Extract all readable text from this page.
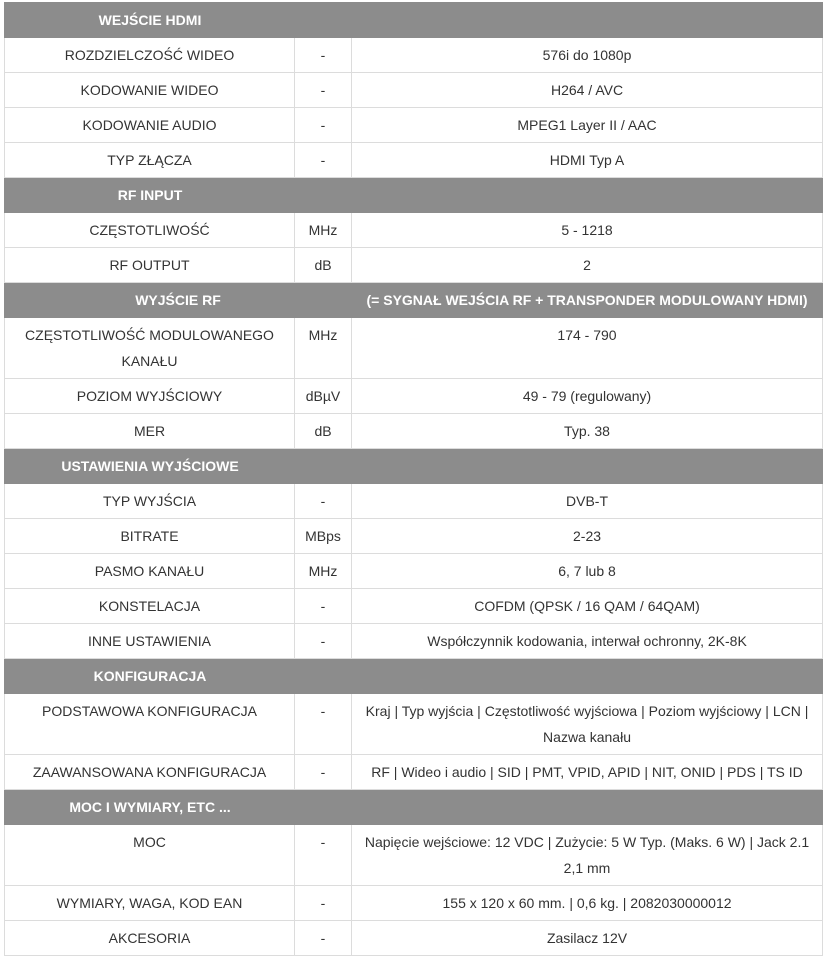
WEJŚCIE HDMI		
ROZDZIELCZOŚĆ WIDEO	-	576i do 1080p
KODOWANIE WIDEO	-	H264 / AVC
KODOWANIE AUDIO	-	MPEG1 Layer II / AAC
TYP ZŁĄCZA	-	HDMI Typ A
RF INPUT		
CZĘSTOTLIWOŚĆ	MHz	5 - 1218
RF OUTPUT	dB	2
WYJŚCIE RF		(= SYGNAŁ WEJŚCIA RF + TRANSPONDER MODULOWANY HDMI)
CZĘSTOTLIWOŚĆ MODULOWANEGO KANAŁU	MHz	174 - 790
POZIOM WYJŚCIOWY	dBµV	49 - 79 (regulowany)
MER	dB	Typ. 38
USTAWIENIA WYJŚCIOWE		
TYP WYJŚCIA	-	DVB-T
BITRATE	MBps	2-23
PASMO KANAŁU	MHz	6, 7 lub 8
KONSTELACJA	-	COFDM (QPSK / 16 QAM / 64QAM)
INNE USTAWIENIA	-	Współczynnik kodowania, interwał ochronny, 2K-8K
KONFIGURACJA		
PODSTAWOWA KONFIGURACJA	-	Kraj | Typ wyjścia | Częstotliwość wyjściowa | Poziom wyjściowy | LCN | Nazwa kanału
ZAAWANSOWANA KONFIGURACJA	-	RF | Wideo i audio | SID | PMT, VPID, APID | NIT, ONID | PDS | TS ID
MOC I WYMIARY, ETC ...		
MOC	-	Napięcie wejściowe: 12 VDC | Zużycie: 5 W Typ. (Maks. 6 W) | Jack 2.1 2,1 mm
WYMIARY, WAGA, KOD EAN	-	155 x 120 x 60 mm. | 0,6 kg. | 2082030000012
AKCESORIA	-	Zasilacz 12V
